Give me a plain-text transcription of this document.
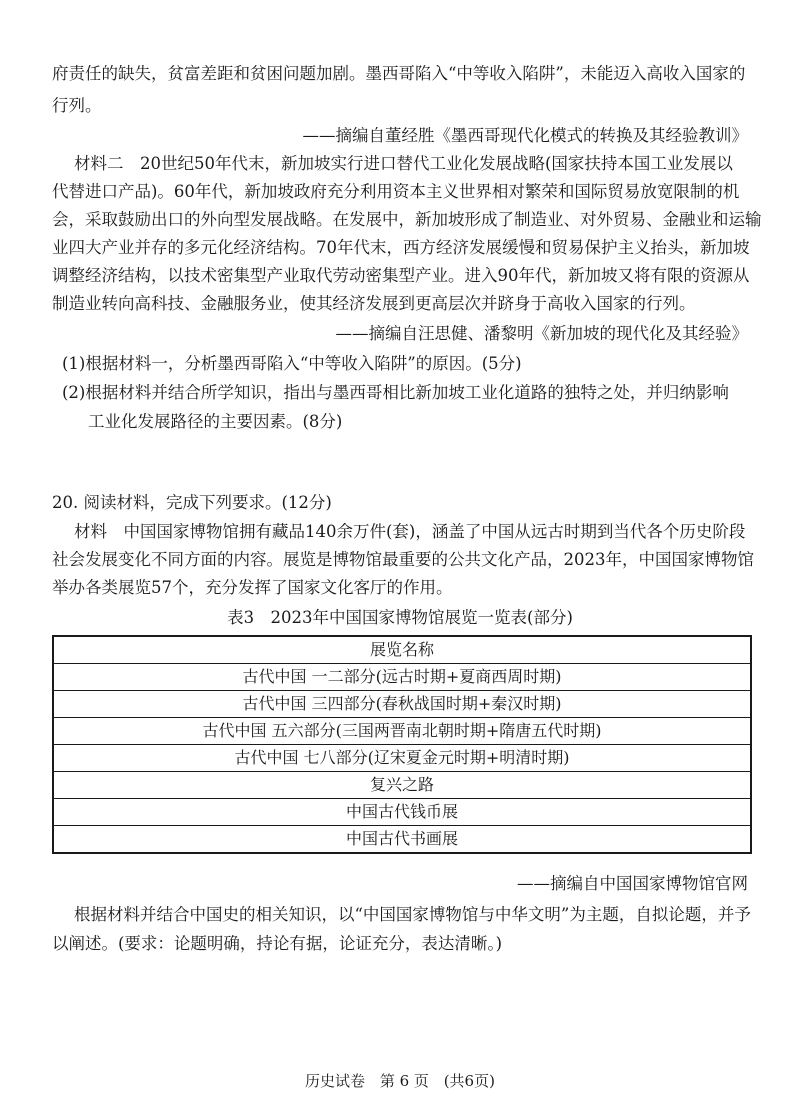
府责任的缺失，贫富差距和贫困问题加剧。墨西哥陷入“中等收入陷阱”，未能迈入高收入国家的
行列。
——摘编自董经胜《墨西哥现代化模式的转换及其经验教训》
材料二　20世纪50年代末，新加坡实行进口替代工业化发展战略(国家扶持本国工业发展以
代替进口产品)。60年代，新加坡政府充分利用资本主义世界相对繁荣和国际贸易放宽限制的机
会，采取鼓励出口的外向型发展战略。在发展中，新加坡形成了制造业、对外贸易、金融业和运输
业四大产业并存的多元化经济结构。70年代末，西方经济发展缓慢和贸易保护主义抬头，新加坡
调整经济结构，以技术密集型产业取代劳动密集型产业。进入90年代，新加坡又将有限的资源从
制造业转向高科技、金融服务业，使其经济发展到更高层次并跻身于高收入国家的行列。
——摘编自汪思健、潘黎明《新加坡的现代化及其经验》
(1)根据材料一，分析墨西哥陷入“中等收入陷阱”的原因。(5分)
(2)根据材料并结合所学知识，指出与墨西哥相比新加坡工业化道路的独特之处，并归纳影响
工业化发展路径的主要因素。(8分)
20. 阅读材料，完成下列要求。(12分)
材料　中国国家博物馆拥有藏品140余万件(套)，涵盖了中国从远古时期到当代各个历史阶段
社会发展变化不同方面的内容。展览是博物馆最重要的公共文化产品，2023年，中国国家博物馆
举办各类展览57个，充分发挥了国家文化客厅的作用。
表3　2023年中国国家博物馆展览一览表(部分)
展览名称
古代中国 一二部分(远古时期+夏商西周时期)
古代中国 三四部分(春秋战国时期+秦汉时期)
古代中国 五六部分(三国两晋南北朝时期+隋唐五代时期)
古代中国 七八部分(辽宋夏金元时期+明清时期)
复兴之路
中国古代钱币展
中国古代书画展
——摘编自中国国家博物馆官网
根据材料并结合中国史的相关知识，以“中国国家博物馆与中华文明”为主题，自拟论题，并予
以阐述。(要求：论题明确，持论有据，论证充分，表达清晰。)
历史试卷 第 6 页 (共6页)
